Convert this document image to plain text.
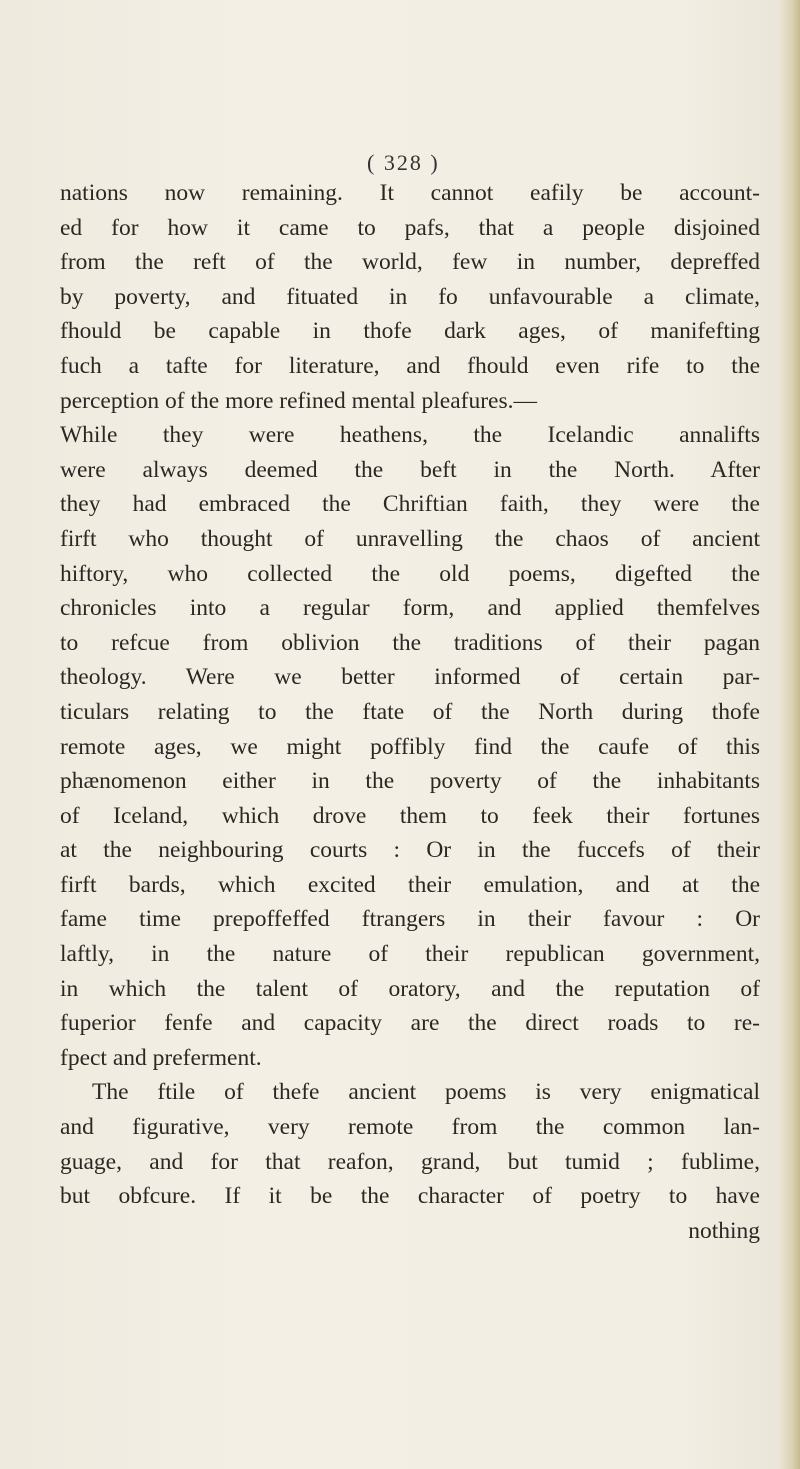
( 328 )
nations now remaining. It cannot eafily be account-
ed for how it came to pafs, that a people disjoined
from the reft of the world, few in number, depreffed
by poverty, and fituated in fo unfavourable a climate,
fhould be capable in thofe dark ages, of manifefting
fuch a tafte for literature, and fhould even rife to the
perception of the more refined mental pleafures.—
While they were heathens, the Icelandic annalifts
were always deemed the beft in the North. After
they had embraced the Chriftian faith, they were the
firft who thought of unravelling the chaos of ancient
hiftory, who collected the old poems, digefted the
chronicles into a regular form, and applied themfelves
to refcue from oblivion the traditions of their pagan
theology. Were we better informed of certain par-
ticulars relating to the ftate of the North during thofe
remote ages, we might poffibly find the caufe of this
phænomenon either in the poverty of the inhabitants
of Iceland, which drove them to feek their fortunes
at the neighbouring courts : Or in the fuccefs of their
firft bards, which excited their emulation, and at the
fame time prepoffeffed ftrangers in their favour : Or
laftly, in the nature of their republican government,
in which the talent of oratory, and the reputation of
fuperior fenfe and capacity are the direct roads to re-
fpect and preferment.
The ftile of thefe ancient poems is very enigmatical
and figurative, very remote from the common lan-
guage, and for that reafon, grand, but tumid ; fublime,
but obfcure. If it be the character of poetry to have
nothing
